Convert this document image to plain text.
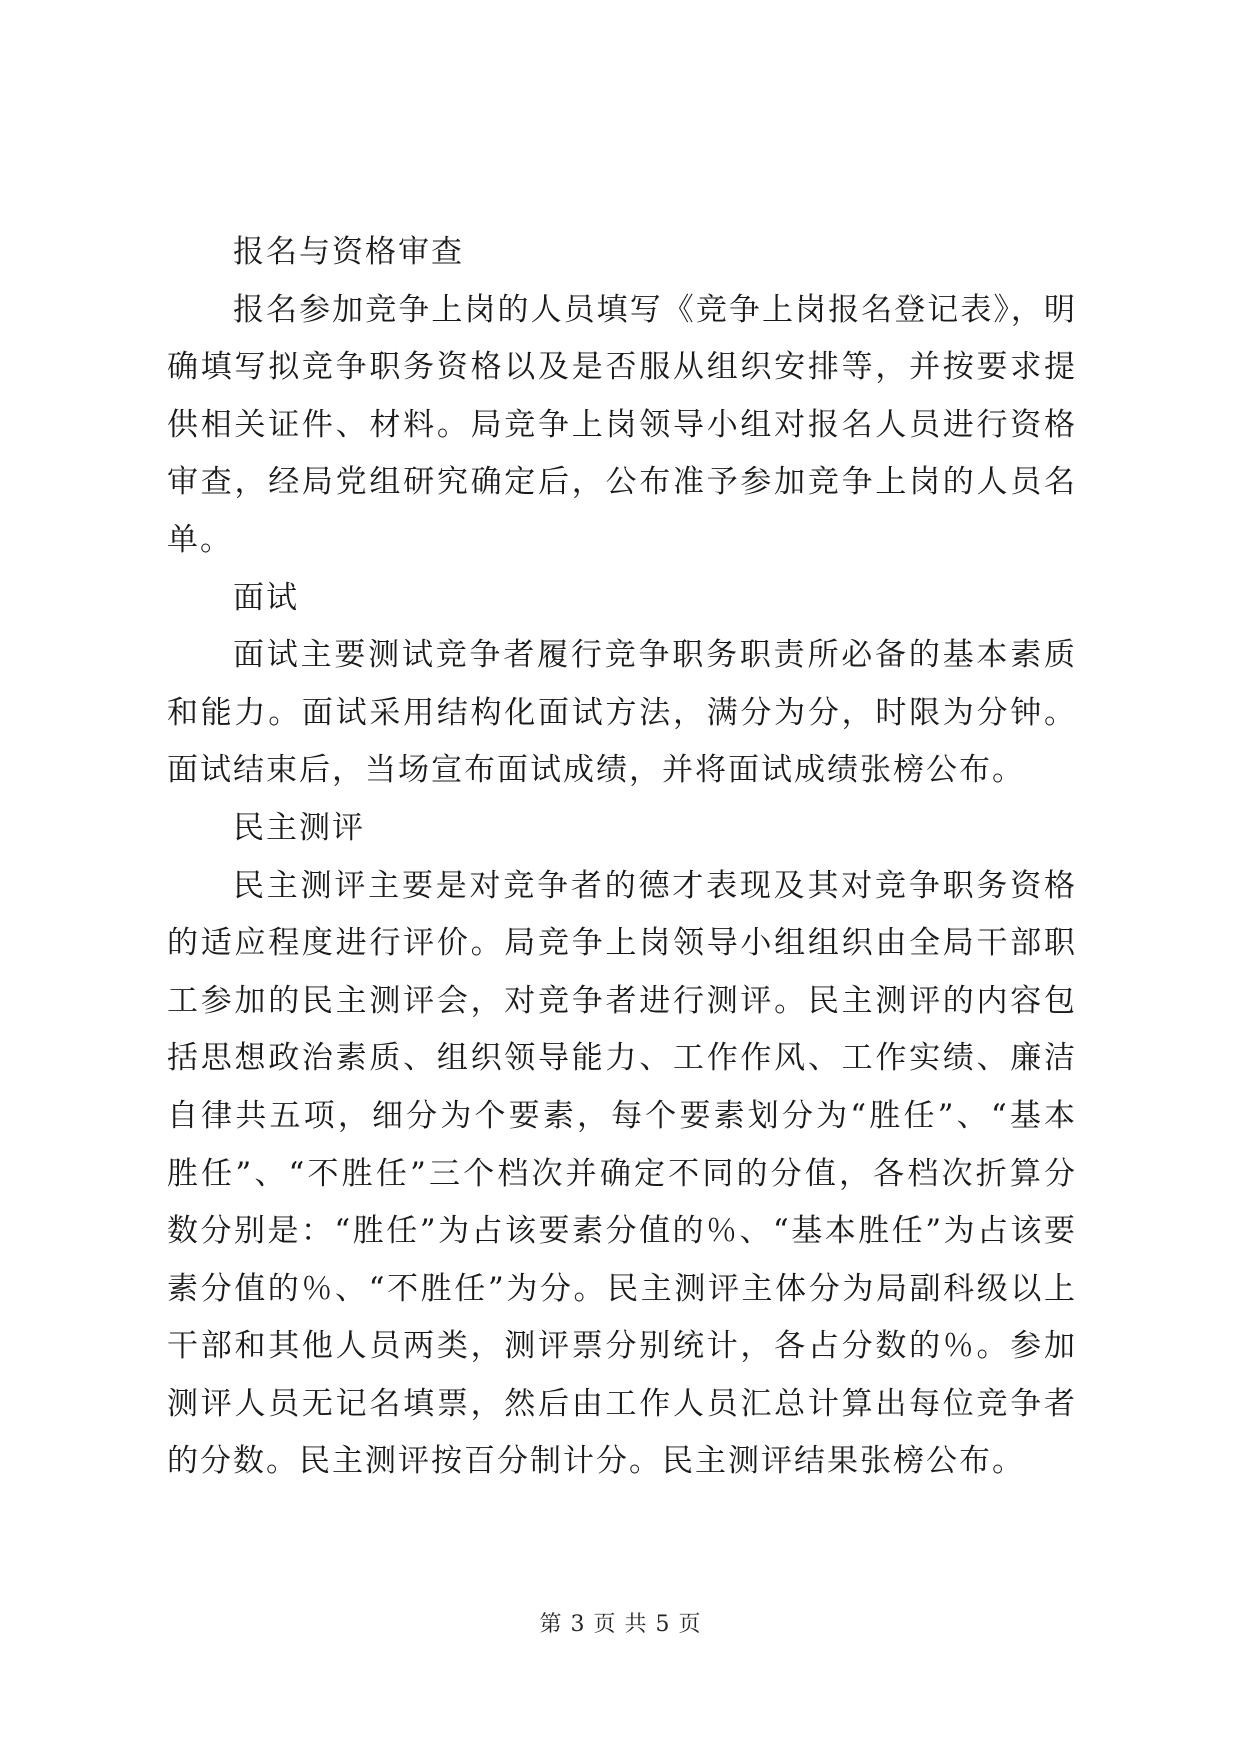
报名与资格审查

报名参加竞争上岗的人员填写《竞争上岗报名登记表》，明确填写拟竞争职务资格以及是否服从组织安排等，并按要求提供相关证件、材料。局竞争上岗领导小组对报名人员进行资格审查，经局党组研究确定后，公布准予参加竞争上岗的人员名单。

面试

面试主要测试竞争者履行竞争职务职责所必备的基本素质和能力。面试采用结构化面试方法，满分为分，时限为分钟。面试结束后，当场宣布面试成绩，并将面试成绩张榜公布。

民主测评

民主测评主要是对竞争者的德才表现及其对竞争职务资格的适应程度进行评价。局竞争上岗领导小组组织由全局干部职工参加的民主测评会，对竞争者进行测评。民主测评的内容包括思想政治素质、组织领导能力、工作作风、工作实绩、廉洁自律共五项，细分为个要素，每个要素划分为“胜任”、“基本胜任”、“不胜任”三个档次并确定不同的分值，各档次折算分数分别是：“胜任”为占该要素分值的％、“基本胜任”为占该要素分值的％、“不胜任”为分。民主测评主体分为局副科级以上干部和其他人员两类，测评票分别统计，各占分数的％。参加测评人员无记名填票，然后由工作人员汇总计算出每位竞争者的分数。民主测评按百分制计分。民主测评结果张榜公布。

第 3 页 共 5 页
